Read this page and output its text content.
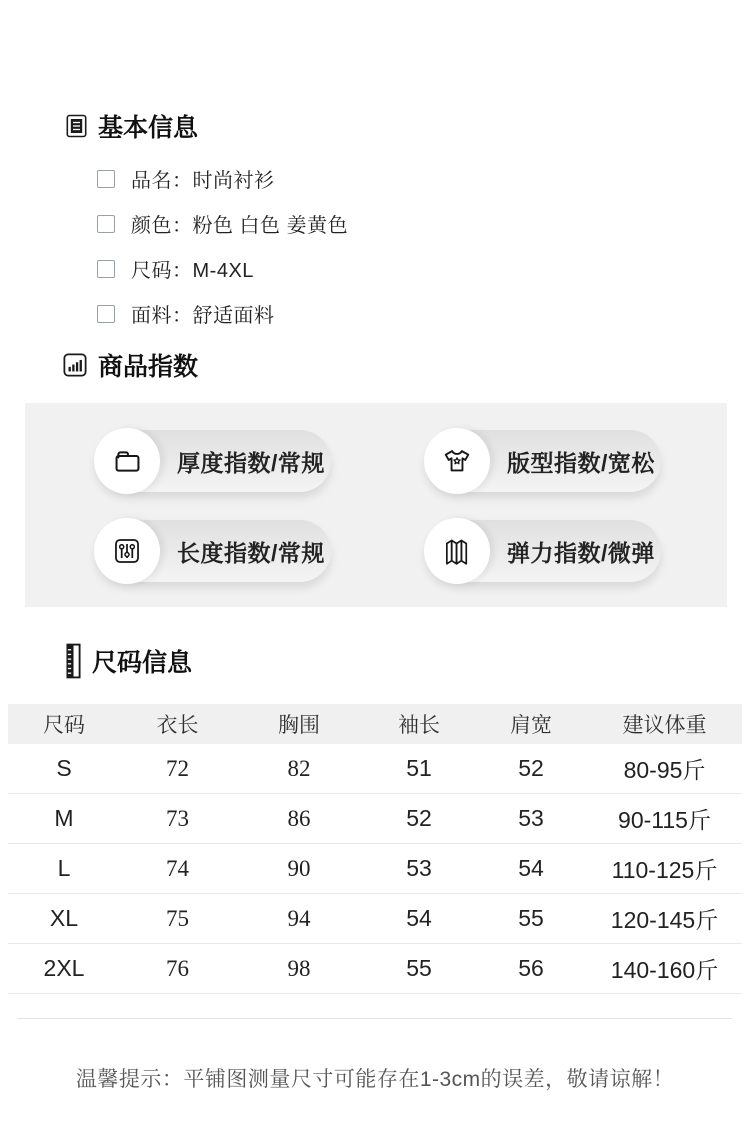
基本信息
品名：时尚衬衫
颜色：粉色 白色 姜黄色
尺码：M-4XL
面料：舒适面料
商品指数
厚度指数/常规	版型指数/宽松
长度指数/常规	弹力指数/微弹
尺码信息
尺码	衣长	胸围	袖长	肩宽	建议体重
S	72	82	51	52	80-95斤
M	73	86	52	53	90-115斤
L	74	90	53	54	110-125斤
XL	75	94	54	55	120-145斤
2XL	76	98	55	56	140-160斤
温馨提示：平铺图测量尺寸可能存在1-3cm的误差，敬请谅解！
